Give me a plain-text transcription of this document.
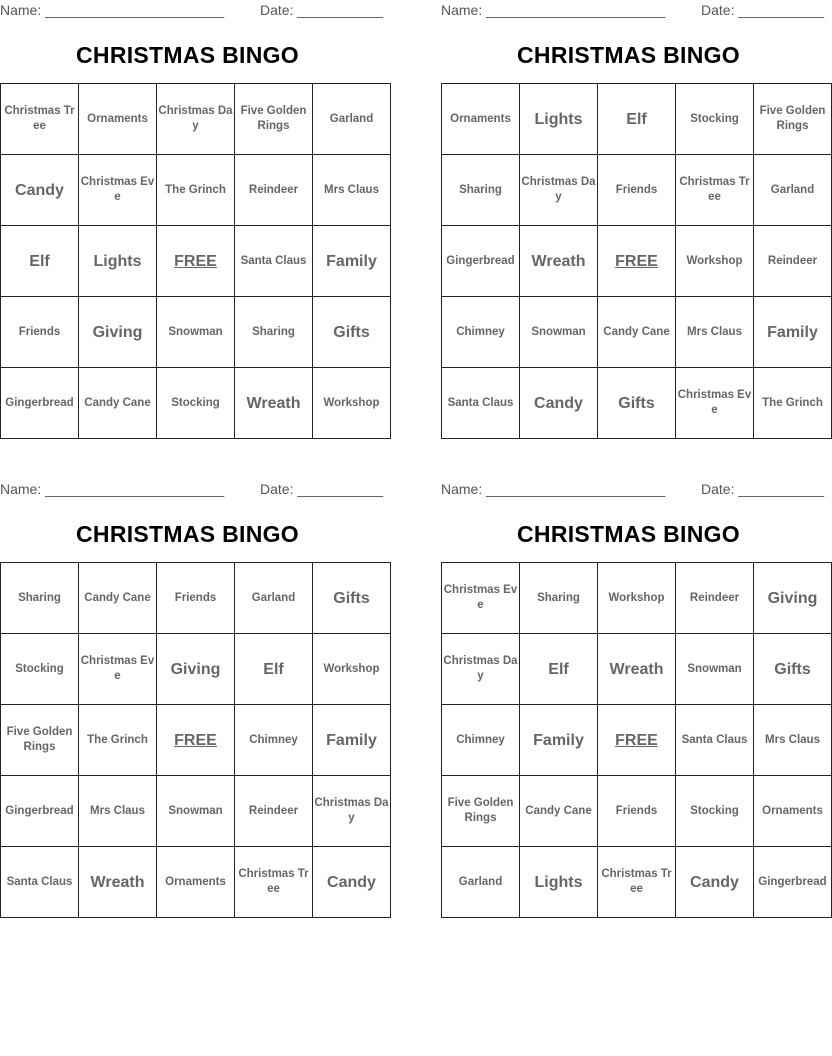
Name: _______________________	Date: ___________
CHRISTMAS BINGO
Christmas Tree	Ornaments	Christmas Day	Five Golden Rings	Garland
Candy	Christmas Eve	The Grinch	Reindeer	Mrs Claus
Elf	Lights	FREE	Santa Claus	Family
Friends	Giving	Snowman	Sharing	Gifts
Gingerbread	Candy Cane	Stocking	Wreath	Workshop
Name: _______________________	Date: ___________
CHRISTMAS BINGO
Ornaments	Lights	Elf	Stocking	Five Golden Rings
Sharing	Christmas Day	Friends	Christmas Tree	Garland
Gingerbread	Wreath	FREE	Workshop	Reindeer
Chimney	Snowman	Candy Cane	Mrs Claus	Family
Santa Claus	Candy	Gifts	Christmas Eve	The Grinch
Name: _______________________	Date: ___________
CHRISTMAS BINGO
Sharing	Candy Cane	Friends	Garland	Gifts
Stocking	Christmas Eve	Giving	Elf	Workshop
Five Golden Rings	The Grinch	FREE	Chimney	Family
Gingerbread	Mrs Claus	Snowman	Reindeer	Christmas Day
Santa Claus	Wreath	Ornaments	Christmas Tree	Candy
Name: _______________________	Date: ___________
CHRISTMAS BINGO
Christmas Eve	Sharing	Workshop	Reindeer	Giving
Christmas Day	Elf	Wreath	Snowman	Gifts
Chimney	Family	FREE	Santa Claus	Mrs Claus
Five Golden Rings	Candy Cane	Friends	Stocking	Ornaments
Garland	Lights	Christmas Tree	Candy	Gingerbread
